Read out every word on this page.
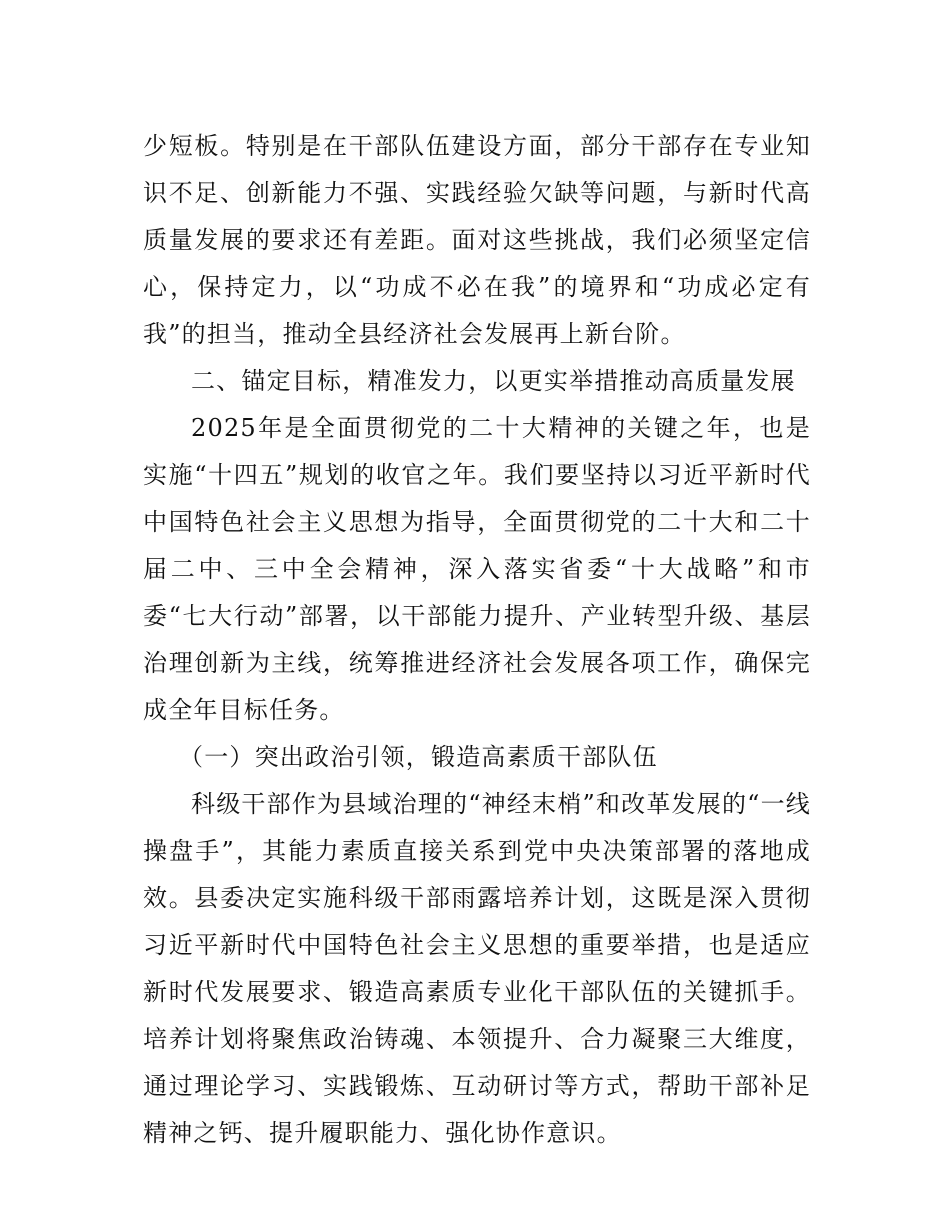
少短板。特别是在干部队伍建设方面，部分干部存在专业知识不足、创新能力不强、实践经验欠缺等问题，与新时代高质量发展的要求还有差距。面对这些挑战，我们必须坚定信心，保持定力，以“功成不必在我”的境界和“功成必定有我”的担当，推动全县经济社会发展再上新台阶。

二、锚定目标，精准发力，以更实举措推动高质量发展

2025年是全面贯彻党的二十大精神的关键之年，也是实施“十四五”规划的收官之年。我们要坚持以习近平新时代中国特色社会主义思想为指导，全面贯彻党的二十大和二十届二中、三中全会精神，深入落实省委“十大战略”和市委“七大行动”部署，以干部能力提升、产业转型升级、基层治理创新为主线，统筹推进经济社会发展各项工作，确保完成全年目标任务。

（一）突出政治引领，锻造高素质干部队伍

科级干部作为县域治理的“神经末梢”和改革发展的“一线操盘手”，其能力素质直接关系到党中央决策部署的落地成效。县委决定实施科级干部雨露培养计划，这既是深入贯彻习近平新时代中国特色社会主义思想的重要举措，也是适应新时代发展要求、锻造高素质专业化干部队伍的关键抓手。培养计划将聚焦政治铸魂、本领提升、合力凝聚三大维度，通过理论学习、实践锻炼、互动研讨等方式，帮助干部补足精神之钙、提升履职能力、强化协作意识。
